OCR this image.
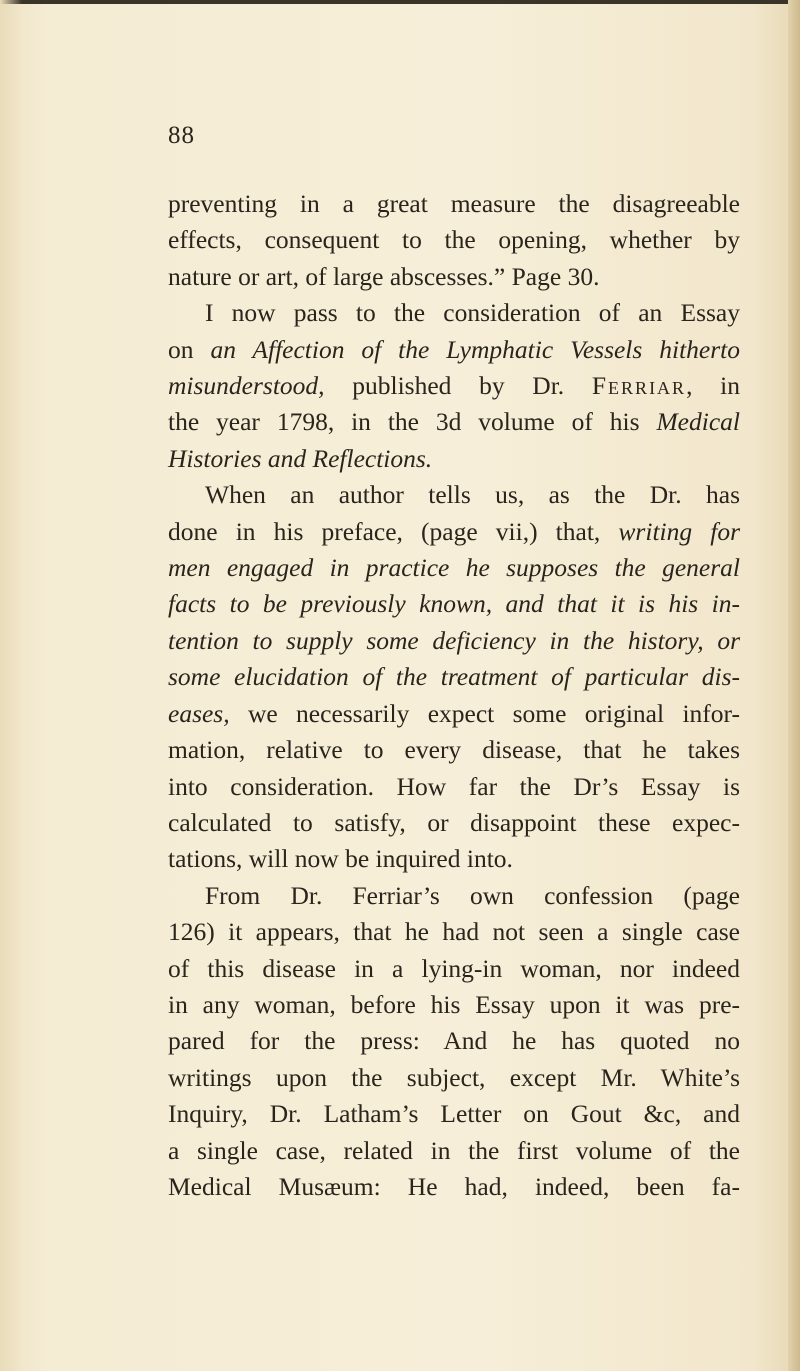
88
preventing in a great measure the disagreeable
effects, consequent to the opening, whether by
nature or art, of large abscesses.” Page 30.
I now pass to the consideration of an Essay
on an Affection of the Lymphatic Vessels hitherto
misunderstood, published by Dr. Ferriar, in
the year 1798, in the 3d volume of his Medical
Histories and Reflections.
When an author tells us, as the Dr. has
done in his preface, (page vii,) that, writing for
men engaged in practice he supposes the general
facts to be previously known, and that it is his in-
tention to supply some deficiency in the history, or
some elucidation of the treatment of particular dis-
eases, we necessarily expect some original infor-
mation, relative to every disease, that he takes
into consideration. How far the Dr’s Essay is
calculated to satisfy, or disappoint these expec-
tations, will now be inquired into.
From Dr. Ferriar’s own confession (page
126) it appears, that he had not seen a single case
of this disease in a lying-in woman, nor indeed
in any woman, before his Essay upon it was pre-
pared for the press: And he has quoted no
writings upon the subject, except Mr. White’s
Inquiry, Dr. Latham’s Letter on Gout &c, and
a single case, related in the first volume of the
Medical Musæum: He had, indeed, been fa-
